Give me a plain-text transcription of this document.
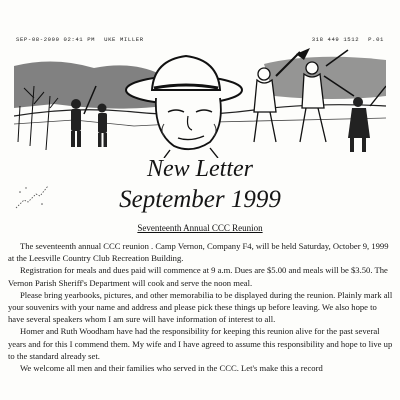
SEP-08-2000 02:41 PM UKE MILLER	318 449 1512 P.01
New Letter
September 1999
Seventeenth Annual CCC Reunion

The seventeenth annual CCC reunion . Camp Vernon, Company F4, will be held Saturday, October 9, 1999 at the Leesville Country Club Recreation Building.

Registration for meals and dues paid will commence at 9 a.m. Dues are $5.00 and meals will be $3.50. The Vernon Parish Sheriff's Department will cook and serve the noon meal.

Please bring yearbooks, pictures, and other memorabilia to be displayed during the reunion. Plainly mark all your souvenirs with your name and address and please pick these things up before leaving. We also hope to have several speakers whom I am sure will have information of interest to all.

Homer and Ruth Woodham have had the responsibility for keeping this reunion alive for the past several years and for this I commend them. My wife and I have agreed to assume this responsibility and hope to live up to the standard already set.

We welcome all men and their families who served in the CCC. Let's make this a record
